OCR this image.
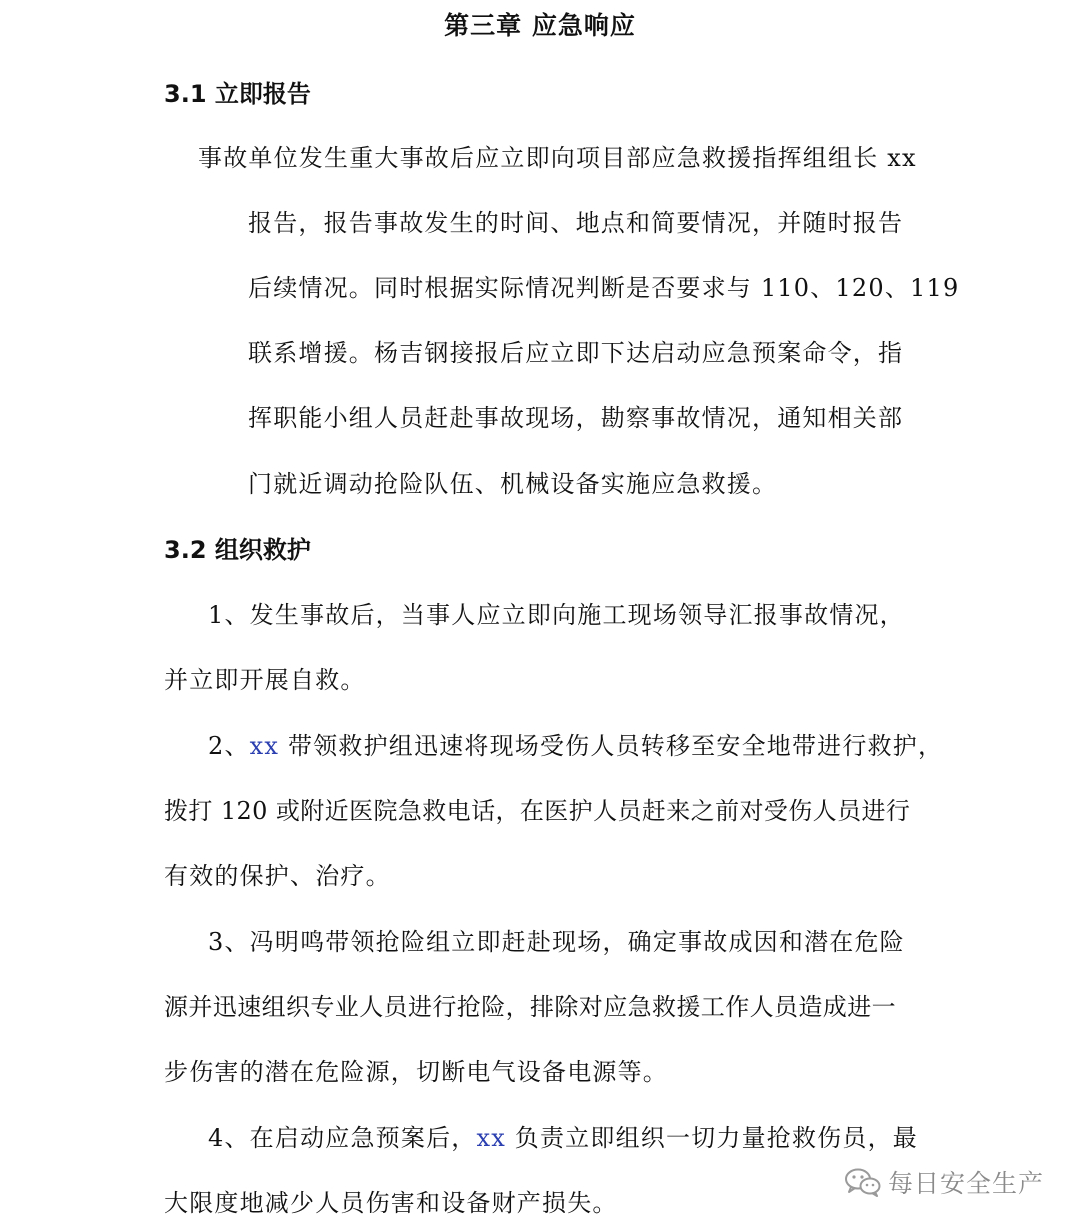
第三章 应急响应
3.1 立即报告
事故单位发生重大事故后应立即向项目部应急救援指挥组组长 xx
报告，报告事故发生的时间、地点和简要情况，并随时报告
后续情况。同时根据实际情况判断是否要求与 110、120、119
联系增援。杨吉钢接报后应立即下达启动应急预案命令，指
挥职能小组人员赶赴事故现场，勘察事故情况，通知相关部
门就近调动抢险队伍、机械设备实施应急救援。
3.2 组织救护
1、发生事故后，当事人应立即向施工现场领导汇报事故情况，
并立即开展自救。
2、xx 带领救护组迅速将现场受伤人员转移至安全地带进行救护，
拨打 120 或附近医院急救电话，在医护人员赶来之前对受伤人员进行
有效的保护、治疗。
3、冯明鸣带领抢险组立即赶赴现场，确定事故成因和潜在危险
源并迅速组织专业人员进行抢险，排除对应急救援工作人员造成进一
步伤害的潜在危险源，切断电气设备电源等。
4、在启动应急预案后，xx 负责立即组织一切力量抢救伤员，最
大限度地减少人员伤害和设备财产损失。
每日安全生产
